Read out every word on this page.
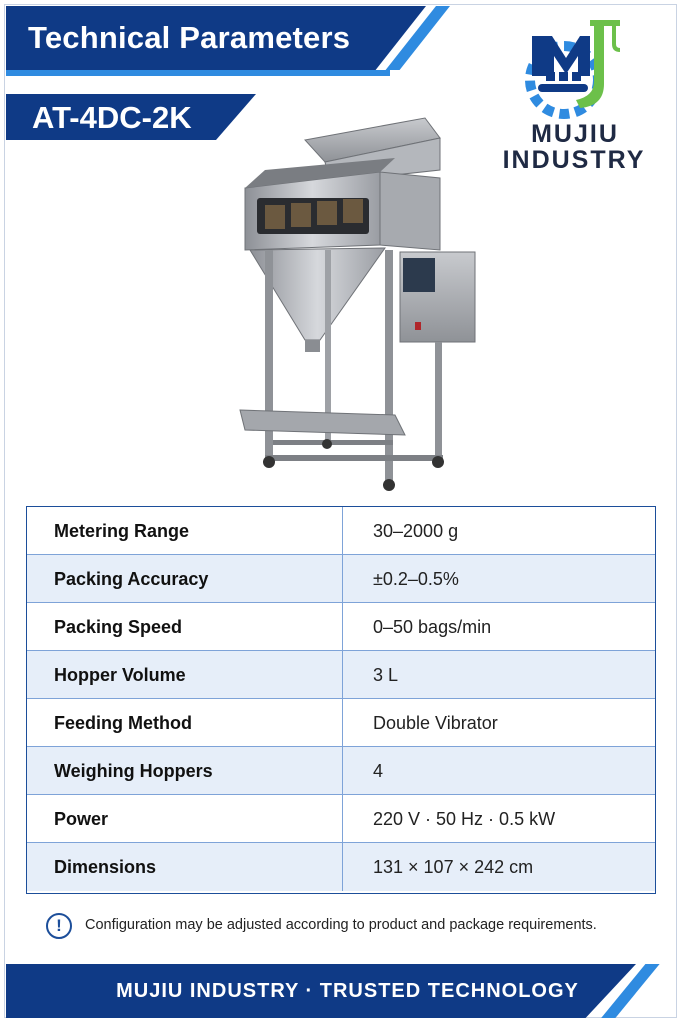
Technical Parameters
AT-4DC-2K	MUJIU
INDUSTRY
Metering Range	30–2000 g
Packing Accuracy	±0.2–0.5%
Packing Speed	0–50 bags/min
Hopper Volume	3 L
Feeding Method	Double Vibrator
Weighing Hoppers	4
Power	220 V · 50 Hz · 0.5 kW
Dimensions	131 × 107 × 242 cm
!	Configuration may be adjusted according to product and package requirements.
MUJIU INDUSTRY · TRUSTED TECHNOLOGY
